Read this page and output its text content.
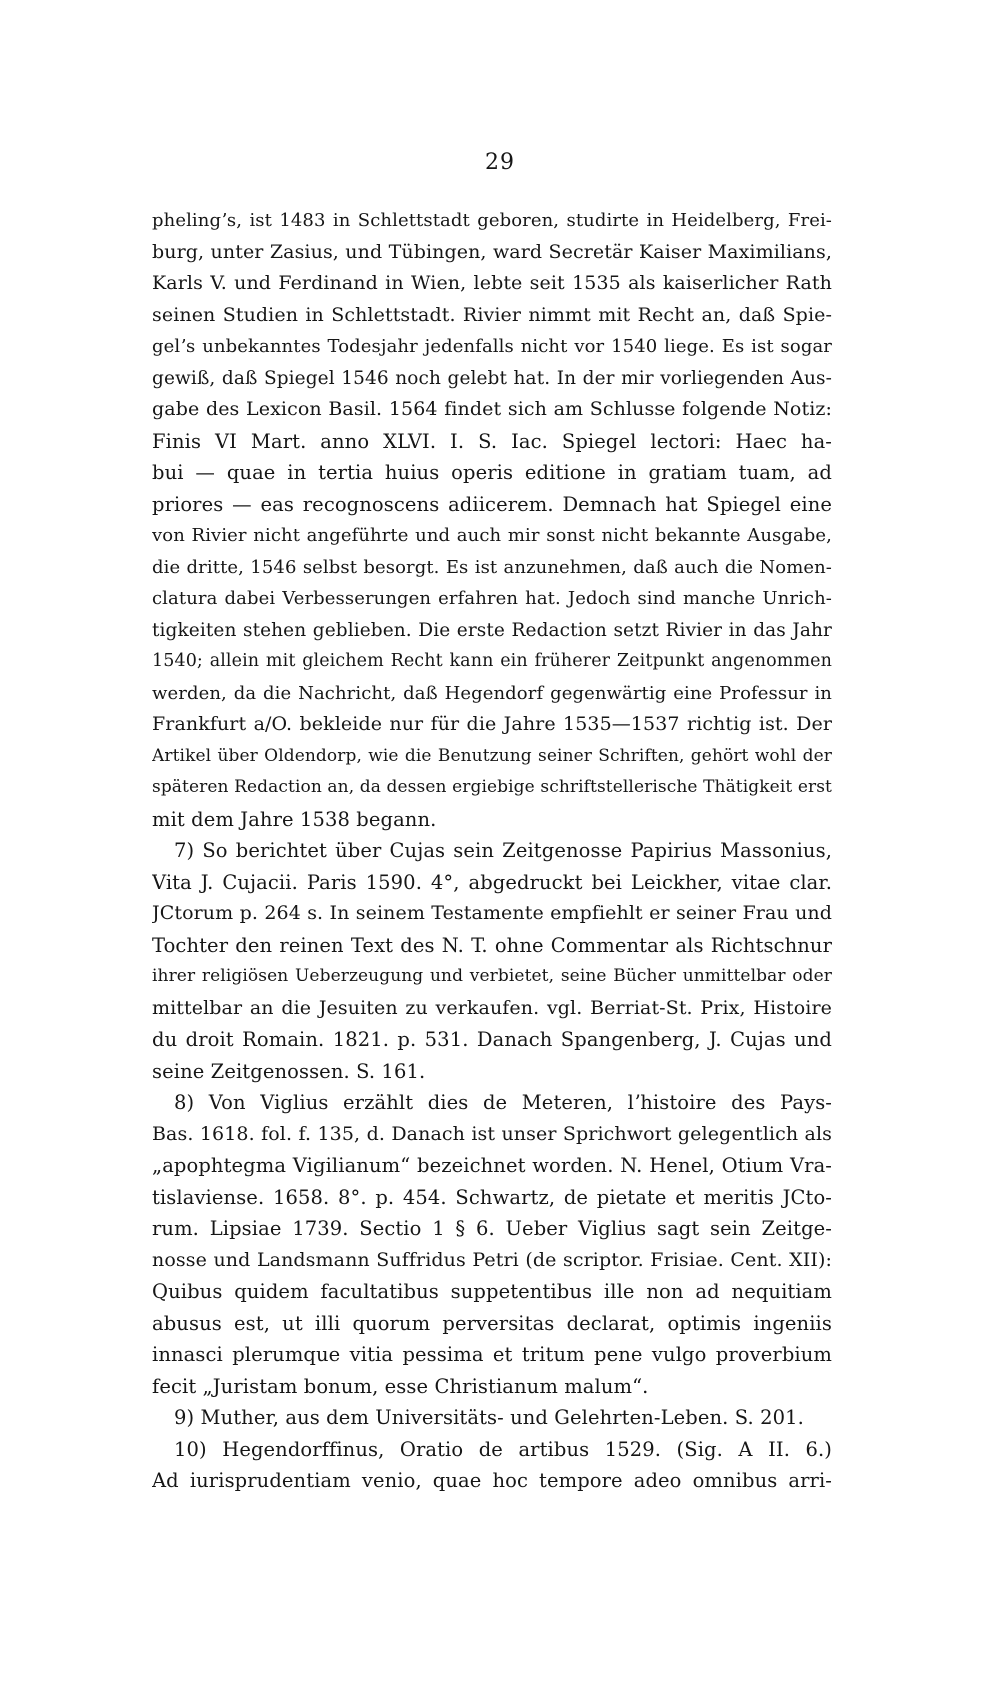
29
phelingʼs, ist 1483 in Schlettstadt geboren, studirte in Heidelberg, Frei-
burg, unter Zasius, und Tübingen, ward Secretär Kaiser Maximilians,
Karls V. und Ferdinand in Wien, lebte seit 1535 als kaiserlicher Rath
seinen Studien in Schlettstadt. Rivier nimmt mit Recht an, daß Spie-
gelʼs unbekanntes Todesjahr jedenfalls nicht vor 1540 liege. Es ist sogar
gewiß, daß Spiegel 1546 noch gelebt hat. In der mir vorliegenden Aus-
gabe des Lexicon Basil. 1564 findet sich am Schlusse folgende Notiz:
Finis VI Mart. anno XLVI. I. S. Iac. Spiegel lectori: Haec ha-
bui — quae in tertia huius operis editione in gratiam tuam, ad
priores — eas recognoscens adiicerem. Demnach hat Spiegel eine
von Rivier nicht angeführte und auch mir sonst nicht bekannte Ausgabe,
die dritte, 1546 selbst besorgt. Es ist anzunehmen, daß auch die Nomen-
clatura dabei Verbesserungen erfahren hat. Jedoch sind manche Unrich-
tigkeiten stehen geblieben. Die erste Redaction setzt Rivier in das Jahr
1540; allein mit gleichem Recht kann ein früherer Zeitpunkt angenommen
werden, da die Nachricht, daß Hegendorf gegenwärtig eine Professur in
Frankfurt a/O. bekleide nur für die Jahre 1535—1537 richtig ist. Der
Artikel über Oldendorp, wie die Benutzung seiner Schriften, gehört wohl der
späteren Redaction an, da dessen ergiebige schriftstellerische Thätigkeit erst
mit dem Jahre 1538 begann.
7) So berichtet über Cujas sein Zeitgenosse Papirius Massonius,
Vita J. Cujacii. Paris 1590. 4°, abgedruckt bei Leickher, vitae clar.
JCtorum p. 264 s. In seinem Testamente empfiehlt er seiner Frau und
Tochter den reinen Text des N. T. ohne Commentar als Richtschnur
ihrer religiösen Ueberzeugung und verbietet, seine Bücher unmittelbar oder
mittelbar an die Jesuiten zu verkaufen. vgl. Berriat-St. Prix, Histoire
du droit Romain. 1821. p. 531. Danach Spangenberg, J. Cujas und
seine Zeitgenossen. S. 161.
8) Von Viglius erzählt dies de Meteren, lʼhistoire des Pays-
Bas. 1618. fol. f. 135, d. Danach ist unser Sprichwort gelegentlich als
„apophtegma Vigilianum“ bezeichnet worden. N. Henel, Otium Vra-
tislaviense. 1658. 8°. p. 454. Schwartz, de pietate et meritis JCto-
rum. Lipsiae 1739. Sectio 1 § 6. Ueber Viglius sagt sein Zeitge-
nosse und Landsmann Suffridus Petri (de scriptor. Frisiae. Cent. XII):
Quibus quidem facultatibus suppetentibus ille non ad nequitiam
abusus est, ut illi quorum perversitas declarat, optimis ingeniis
innasci plerumque vitia pessima et tritum pene vulgo proverbium
fecit „Juristam bonum, esse Christianum malum“.
9) Muther, aus dem Universitäts- und Gelehrten-Leben. S. 201.
10) Hegendorffinus, Oratio de artibus 1529. (Sig. A II. 6.)
Ad iurisprudentiam venio, quae hoc tempore adeo omnibus arri-
